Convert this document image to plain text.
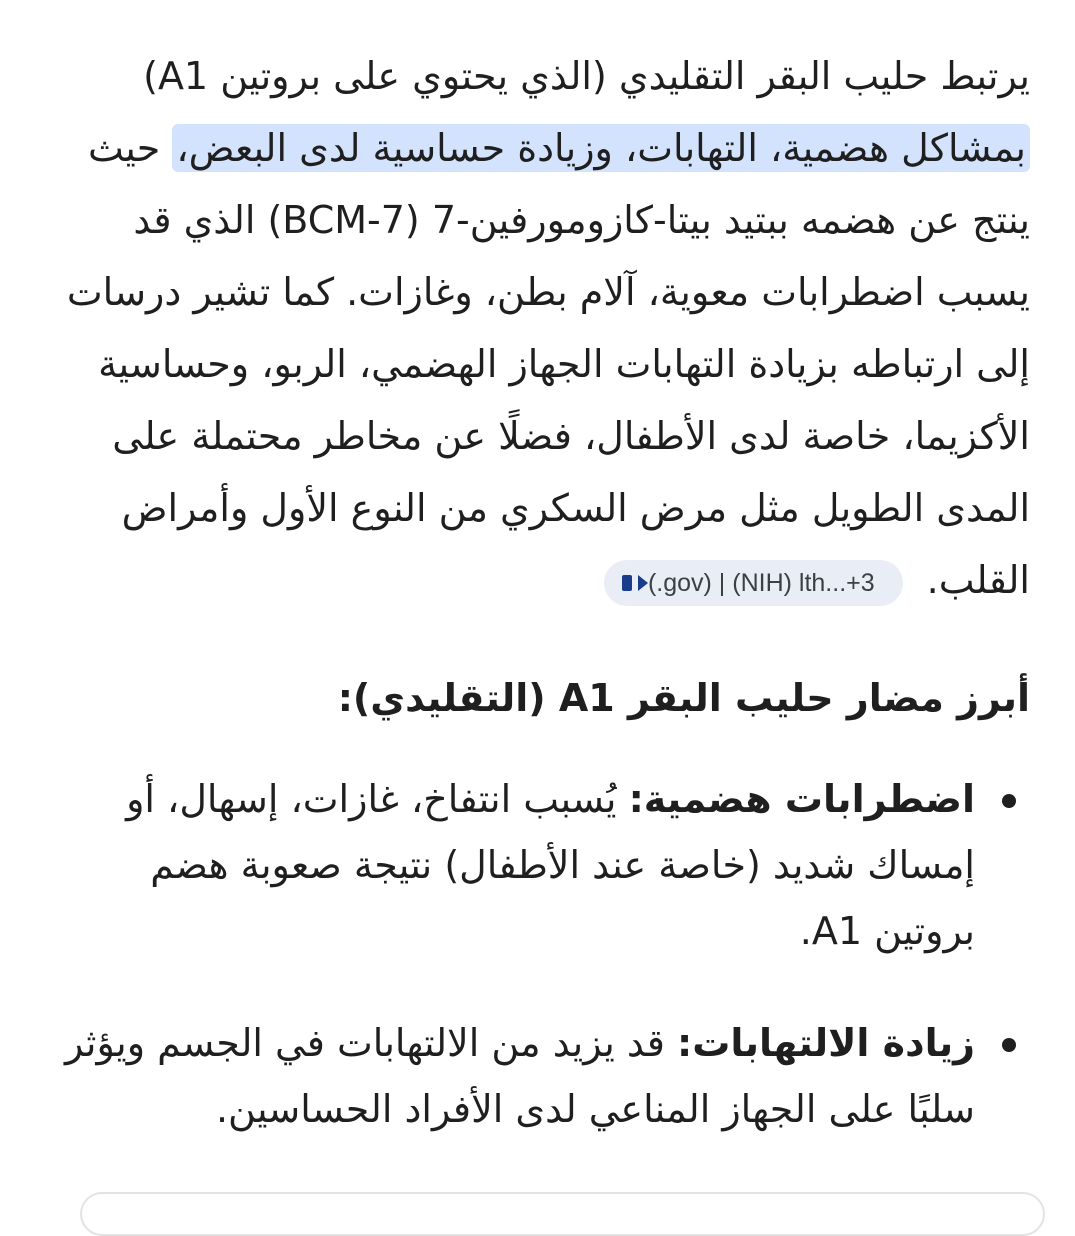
يرتبط حليب البقر التقليدي (الذي يحتوي على بروتين A1) بمشاكل هضمية، التهابات، وزيادة حساسية لدى البعض، حيث ينتج عن هضمه ببتيد بيتا-كازومورفين-7 (BCM-7) الذي قد يسبب اضطرابات معوية، آلام بطن، وغازات. كما تشير درسات إلى ارتباطه بزيادة التهابات الجهاز الهضمي، الربو، وحساسية الأكزيما، خاصة لدى الأطفال، فضلًا عن مخاطر محتملة على المدى الطويل مثل مرض السكري من النوع الأول وأمراض القلب.
(.gov) | (NIH) lth... +3

أبرز مضار حليب البقر A1 (التقليدي):
اضطرابات هضمية: يُسبب انتفاخ، غازات، إسهال، أو إمساك شديد (خاصة عند الأطفال) نتيجة صعوبة هضم بروتين A1.
زيادة الالتهابات: قد يزيد من الالتهابات في الجسم ويؤثر سلبًا على الجهاز المناعي لدى الأفراد الحساسين.
